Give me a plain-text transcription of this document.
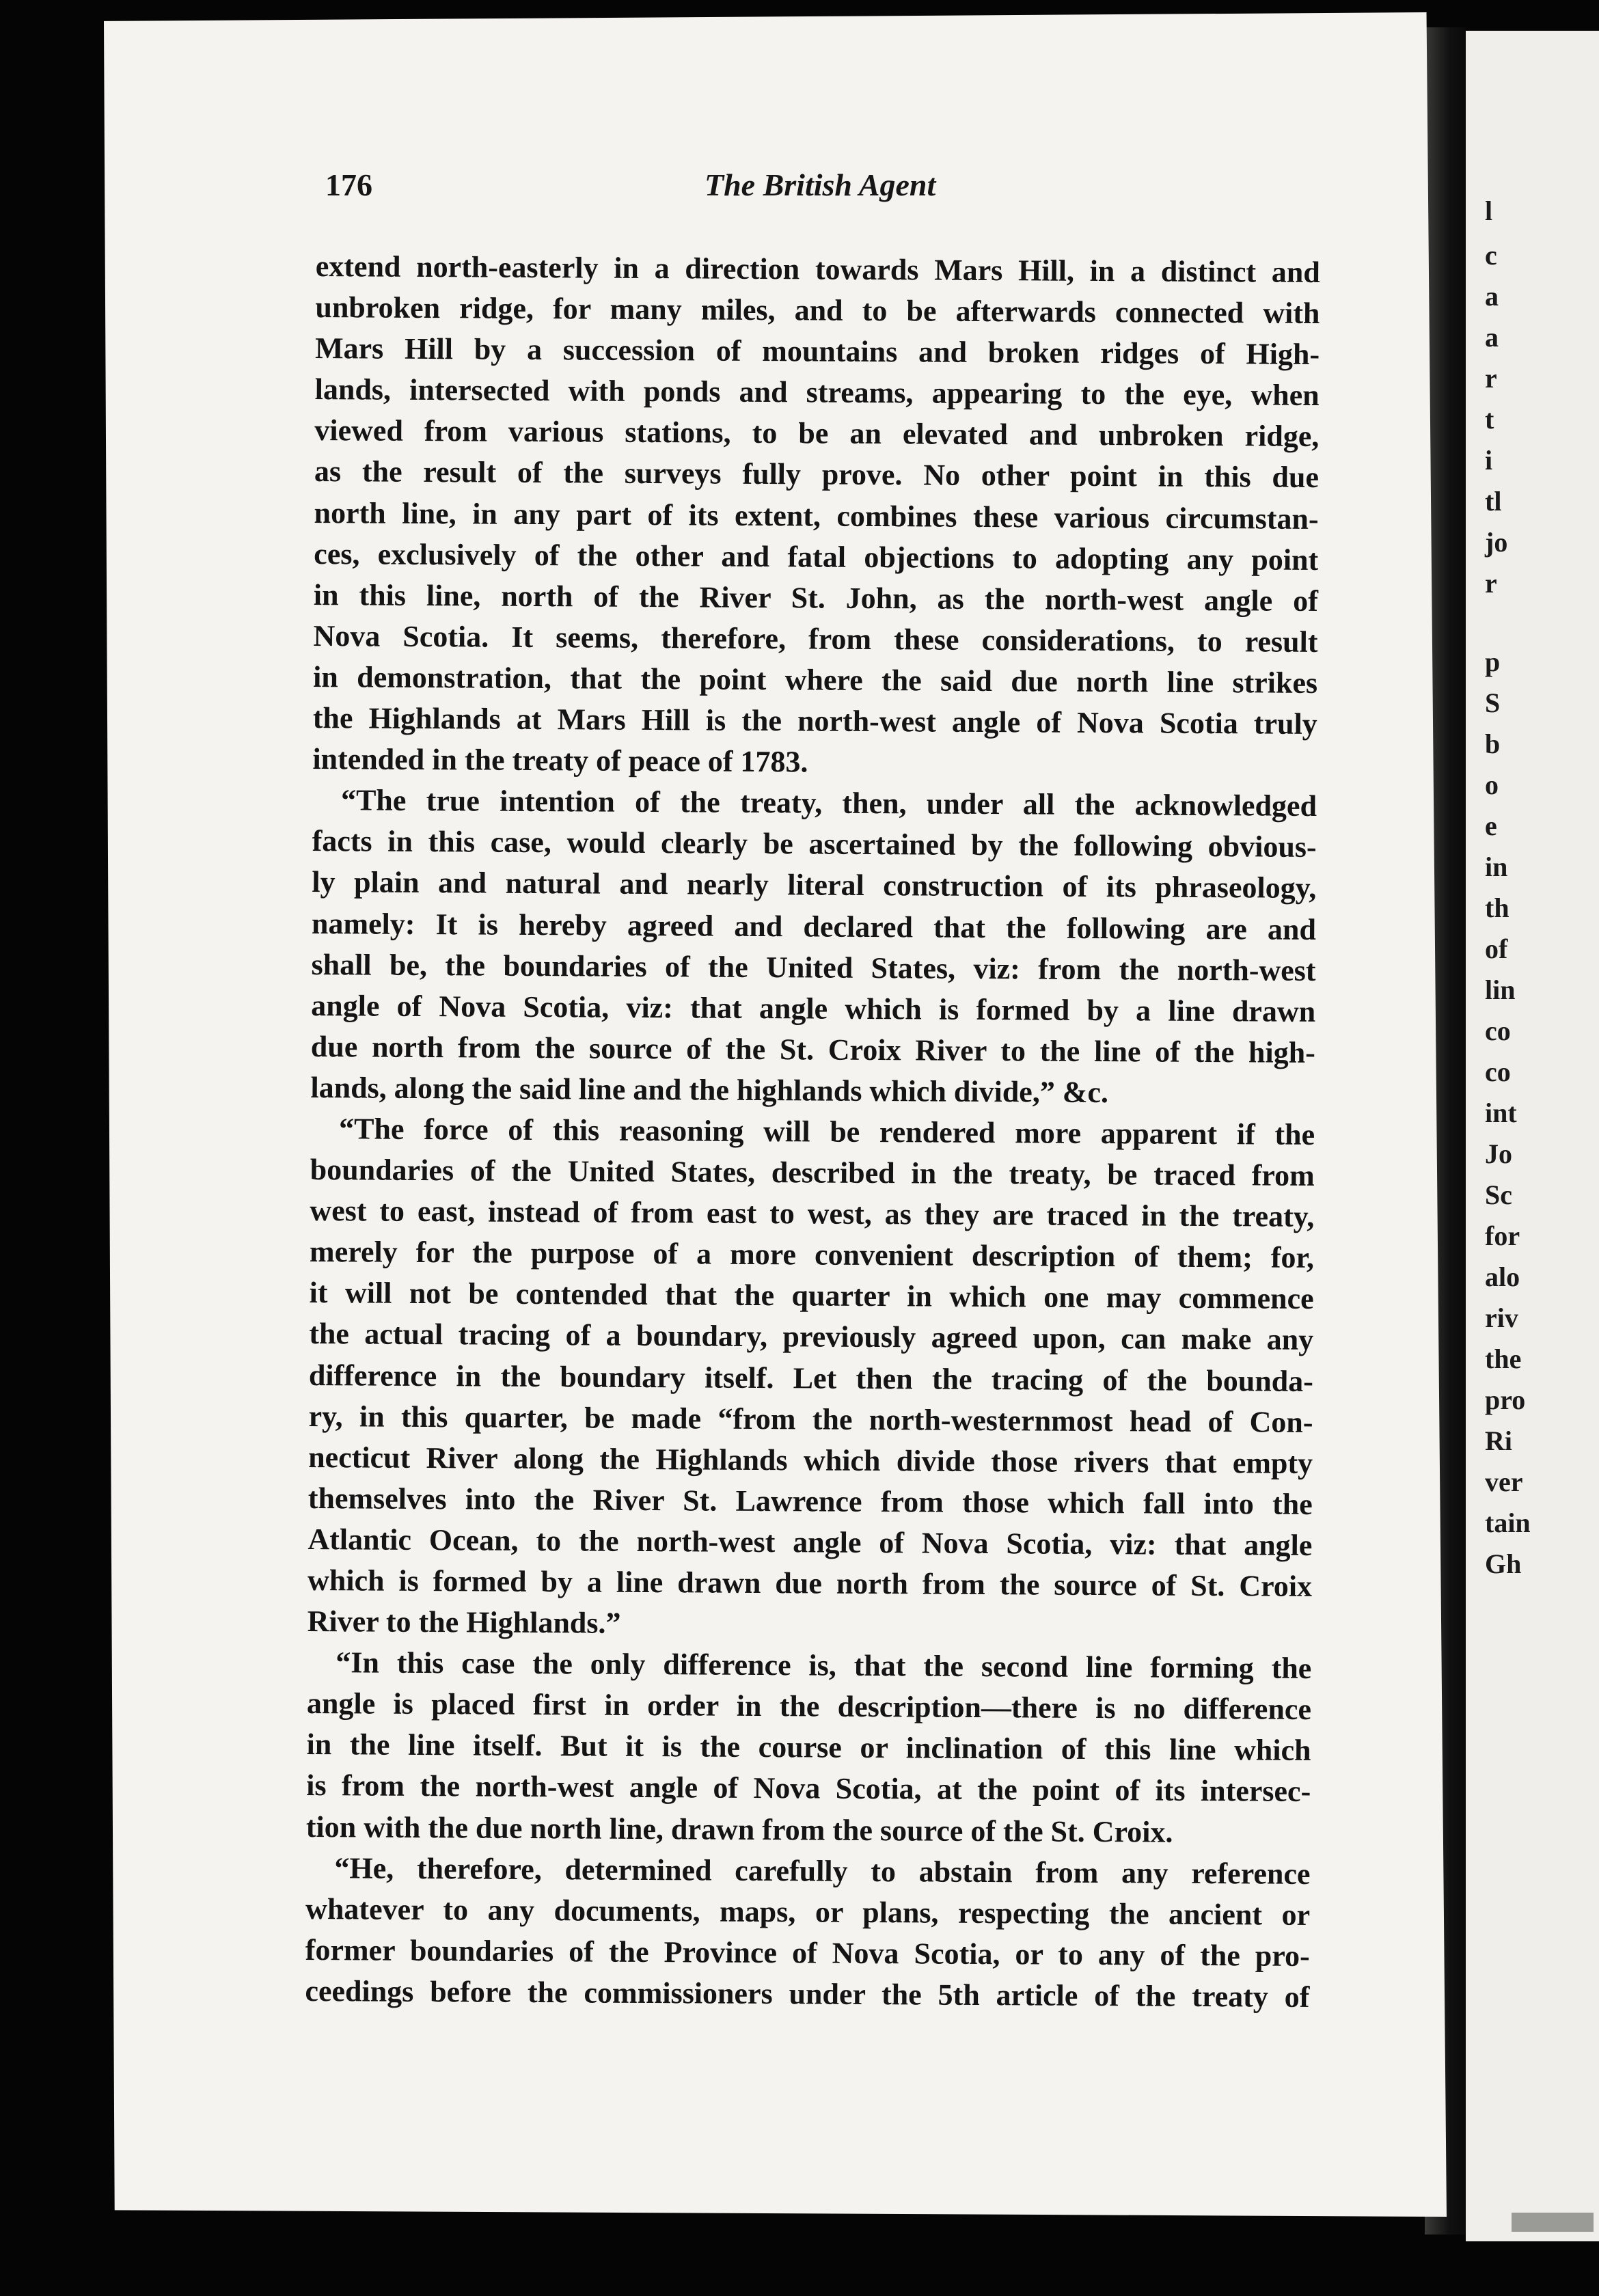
l
c
a
a
r
t
i
tl
jo
r
p
S
b
o
e
in
th
of
lin
co
co
int
Jo
Sc
for
alo
riv
the
pro
Ri
ver
tain
Gh
176	The British Agent
extend north-easterly in a direction towards Mars Hill, in a distinct and
unbroken ridge, for many miles, and to be afterwards connected with
Mars Hill by a succession of mountains and broken ridges of High-
lands, intersected with ponds and streams, appearing to the eye, when
viewed from various stations, to be an elevated and unbroken ridge,
as the result of the surveys fully prove. No other point in this due
north line, in any part of its extent, combines these various circumstan-
ces, exclusively of the other and fatal objections to adopting any point
in this line, north of the River St. John, as the north-west angle of
Nova Scotia. It seems, therefore, from these considerations, to result
in demonstration, that the point where the said due north line strikes
the Highlands at Mars Hill is the north-west angle of Nova Scotia truly
intended in the treaty of peace of 1783.
“The true intention of the treaty, then, under all the acknowledged
facts in this case, would clearly be ascertained by the following obvious-
ly plain and natural and nearly literal construction of its phraseology,
namely: It is hereby agreed and declared that the following are and
shall be, the boundaries of the United States, viz: from the north-west
angle of Nova Scotia, viz: that angle which is formed by a line drawn
due north from the source of the St. Croix River to the line of the high-
lands, along the said line and the highlands which divide,” &c.
“The force of this reasoning will be rendered more apparent if the
boundaries of the United States, described in the treaty, be traced from
west to east, instead of from east to west, as they are traced in the treaty,
merely for the purpose of a more convenient description of them; for,
it will not be contended that the quarter in which one may commence
the actual tracing of a boundary, previously agreed upon, can make any
difference in the boundary itself. Let then the tracing of the bounda-
ry, in this quarter, be made “from the north-westernmost head of Con-
necticut River along the Highlands which divide those rivers that empty
themselves into the River St. Lawrence from those which fall into the
Atlantic Ocean, to the north-west angle of Nova Scotia, viz: that angle
which is formed by a line drawn due north from the source of St. Croix
River to the Highlands.”
“In this case the only difference is, that the second line forming the
angle is placed first in order in the description—there is no difference
in the line itself. But it is the course or inclination of this line which
is from the north-west angle of Nova Scotia, at the point of its intersec-
tion with the due north line, drawn from the source of the St. Croix.
“He, therefore, determined carefully to abstain from any reference
whatever to any documents, maps, or plans, respecting the ancient or
former boundaries of the Province of Nova Scotia, or to any of the pro-
ceedings before the commissioners under the 5th article of the treaty of
